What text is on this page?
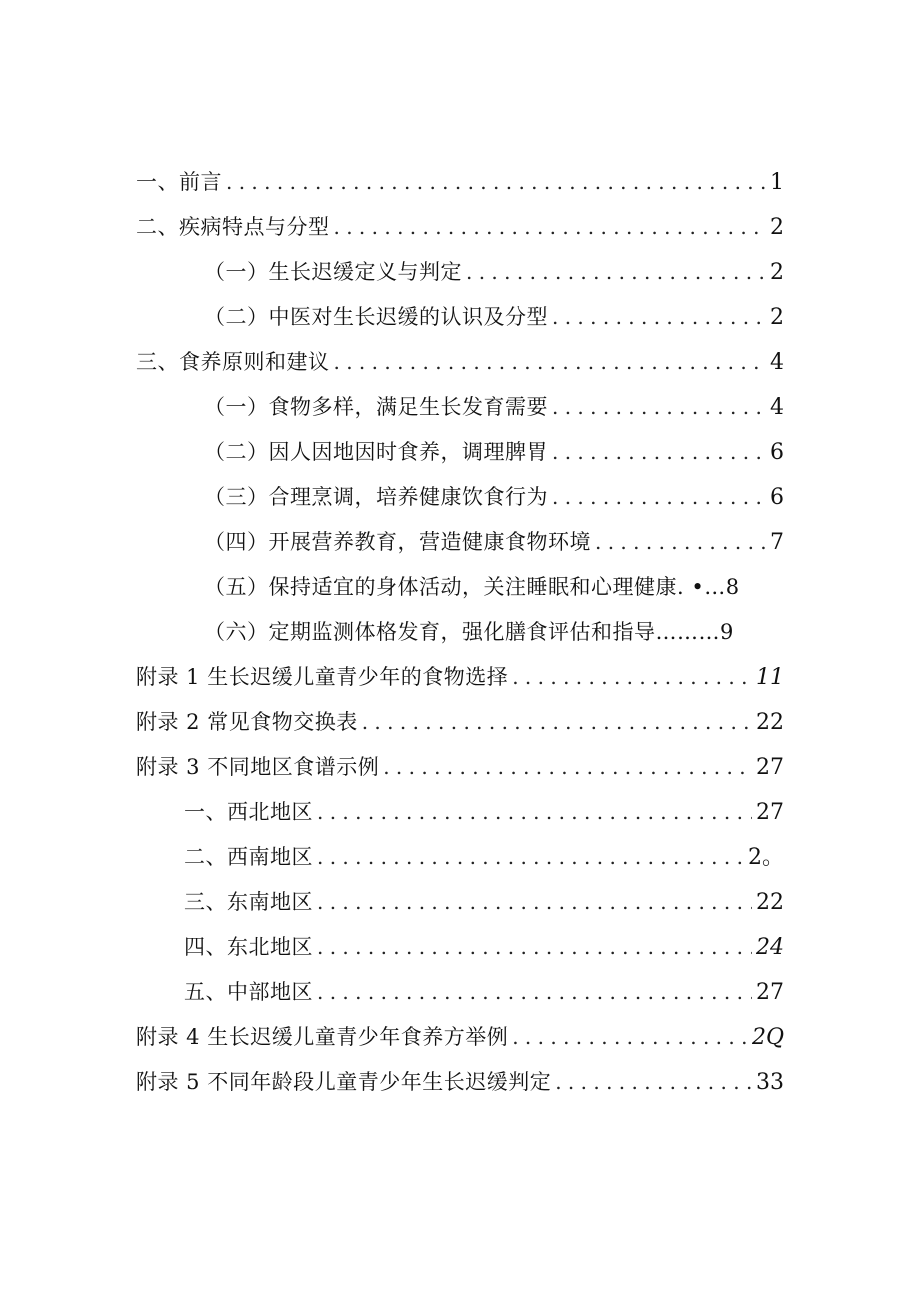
一、前言 . . .	1
二、疾病特点与分型 . . .	2
（一）生长迟缓定义与判定 . . .	2
（二）中医对生长迟缓的认识及分型 . . .	2
三、食养原则和建议 . . .	4
（一）食物多样，满足生长发育需要 . . .	4
（二）因人因地因时食养，调理脾胃 . . .	6
（三）合理烹调，培养健康饮食行为 . . .	6
（四）开展营养教育，营造健康食物环境 . . .	7
（五）保持适宜的身体活动，关注睡眠和心理健康. •…8
（六）定期监测体格发育，强化膳食评估和指导………9
附录 1 生长迟缓儿童青少年的食物选择 . . .	11
附录 2 常见食物交换表 . . .	22
附录 3 不同地区食谱示例 . . .	27
一、西北地区 . . .	27
二、西南地区 . . .	2。
三、东南地区 . . .	22
四、东北地区 . . .	24
五、中部地区 . . .	27
附录 4 生长迟缓儿童青少年食养方举例 . . .	2Q
附录 5 不同年龄段儿童青少年生长迟缓判定 . . .	33
